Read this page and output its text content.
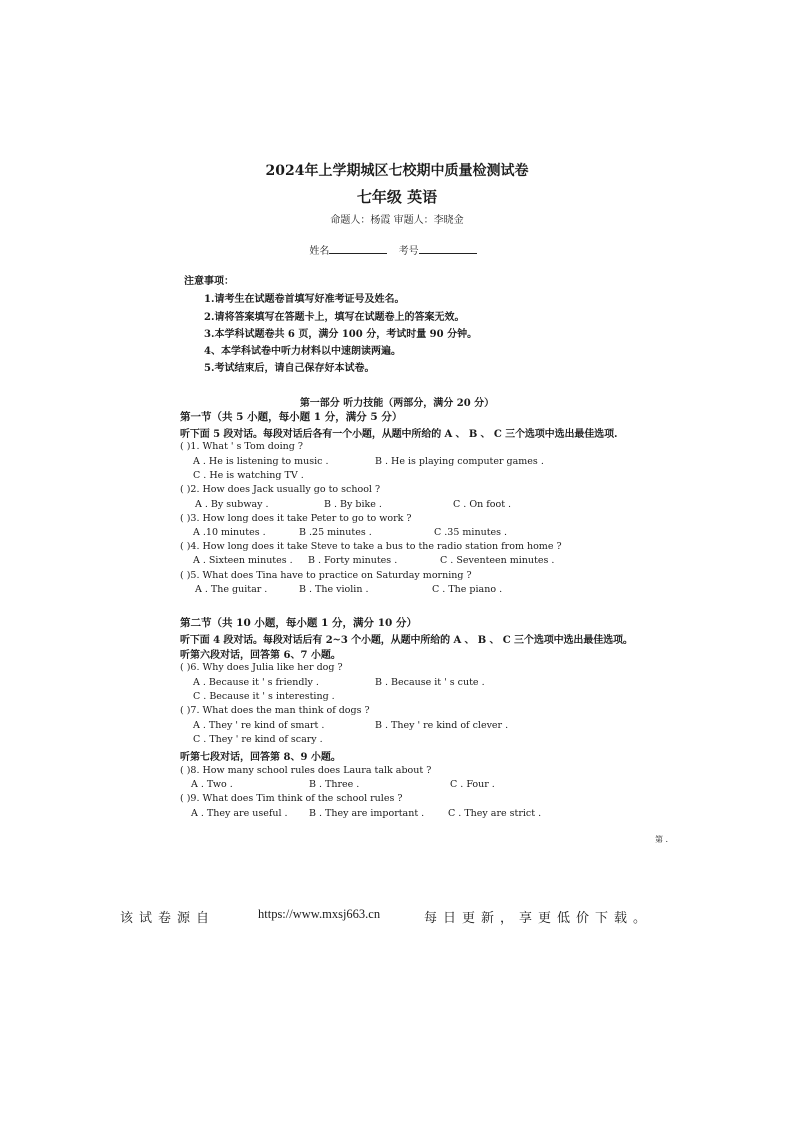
2024年上学期城区七校期中质量检测试卷
七年级 英语
命题人：杨霞 审题人：李晓金
姓名	考号
注意事项：
1.请考生在试题卷首填写好准考证号及姓名。
2.请将答案填写在答题卡上，填写在试题卷上的答案无效。
3.本学科试题卷共 6 页，满分 100 分，考试时量 90 分钟。
4、本学科试卷中听力材料以中速朗读两遍。
5.考试结束后，请自己保存好本试卷。
第一部分 听力技能（两部分，满分 20 分）
第一节（共 5 小题，每小题 1 分，满分 5 分）
听下面 5 段对话。每段对话后各有一个小题，从题中所给的 A 、 B 、 C 三个选项中选出最佳选项.
( )1. What ' s Tom doing ?
A . He is listening to music .	B . He is playing computer games .
C . He is watching TV .
( )2. How does Jack usually go to school ?
A . By subway .	B . By bike .	C . On foot .
( )3. How long does it take Peter to go to work ?
A .10 minutes .	B .25 minutes .	C .35 minutes .
( )4. How long does it take Steve to take a bus to the radio station from home ?
A . Sixteen minutes . B . Forty minutes .	C . Seventeen minutes .
( )5. What does Tina have to practice on Saturday morning ?
A . The guitar .	B . The violin .	C . The piano .
第二节（共 10 小题，每小题 1 分，满分 10 分）
听下面 4 段对话。每段对话后有 2~3 个小题，从题中所给的 A 、 B 、 C 三个选项中选出最佳选项。
听第六段对话，回答第 6、7 小题。
( )6. Why does Julia like her dog ?
A . Because it ' s friendly .	B . Because it ' s cute .
C . Because it ' s interesting .
( )7. What does the man think of dogs ?
A . They ' re kind of smart .	B . They ' re kind of clever .
C . They ' re kind of scary .
听第七段对话，回答第 8、9 小题。
( )8. How many school rules does Laura talk about ?
A . Two .	B . Three .	C . Four .
( )9. What does Tim think of the school rules ?
A . They are useful . B . They are important .	C . They are strict .
第 .
该试卷源自	https://www.mxsj663.cn	每日更新，享更低价下载。
